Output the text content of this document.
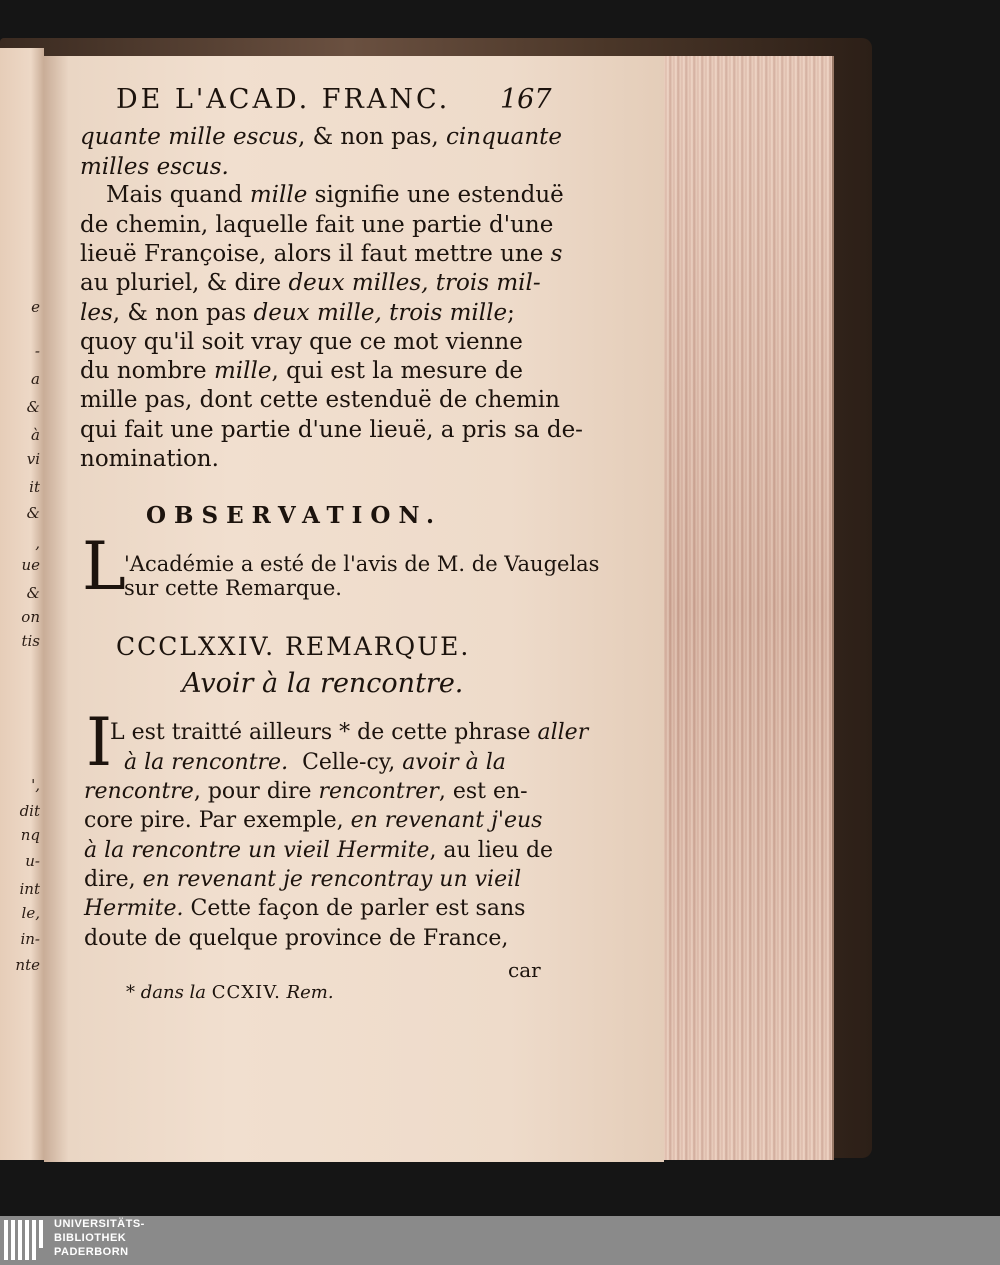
e
-
a
&
à
vi
it
&
,
ue
&
on
tis
',
dit
nq
u-
int
le,
in-
nte
DE L'ACAD. FRANC. 167
quante mille escus, & non pas, cinquante
milles escus.
Mais quand mille signifie une estenduë
de chemin, laquelle fait une partie d'une
lieuë Françoise, alors il faut mettre une s
au pluriel, & dire deux milles, trois mil-
les, & non pas deux mille, trois mille;
quoy qu'il soit vray que ce mot vienne
du nombre mille, qui est la mesure de
mille pas, dont cette estenduë de chemin
qui fait une partie d'une lieuë, a pris sa de-
nomination.
OBSERVATION.
L
'Académie a esté de l'avis de M. de Vaugelas
sur cette Remarque.
CCCLXXIV. REMARQUE.
Avoir à la rencontre.
I
L est traitté ailleurs * de cette phrase aller
à la rencontre. Celle-cy, avoir à la
rencontre, pour dire rencontrer, est en-
core pire. Par exemple, en revenant j'eus
à la rencontre un vieil Hermite, au lieu de
dire, en revenant je rencontray un vieil
Hermite. Cette façon de parler est sans
doute de quelque province de France,
car
* dans la CCXIV. Rem.
UNIVERSITÄTS-
BIBLIOTHEK
PADERBORN
